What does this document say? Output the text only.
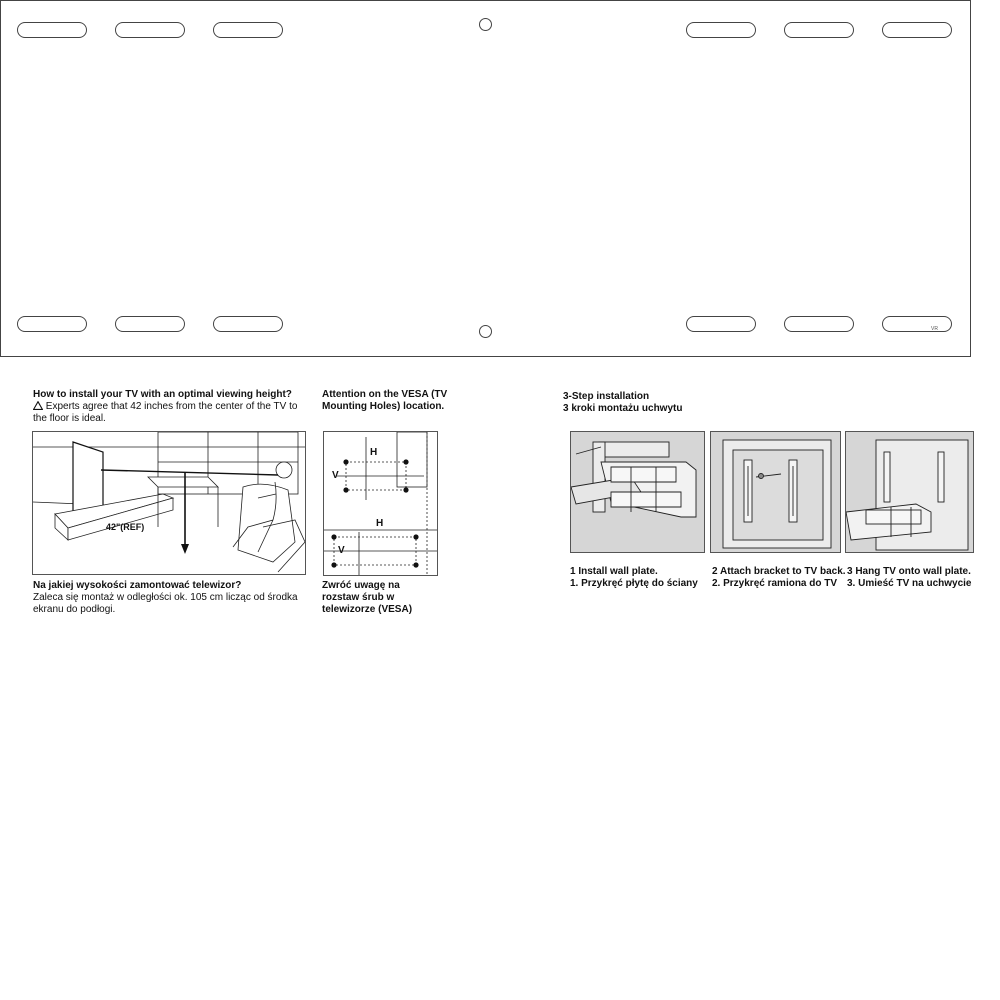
VR
How to install your TV with an optimal viewing height?
Experts agree that 42 inches from the center of the TV to
the floor is ideal.
42"(REF)
Na jakiej wysokości zamontować telewizor?
Zaleca się montaż w odległości ok. 105 cm licząc od środka
ekranu do podłogi.
Attention on the VESA (TV
Mounting Holes) location.
H
V
H
V
Zwróć uwagę na
rozstaw śrub w
telewizorze (VESA)
3-Step installation
3 kroki montażu uchwytu
1 Install wall plate.
1. Przykręć płytę do ściany
2 Attach bracket to TV back.
2. Przykręć ramiona do TV
3 Hang TV onto wall plate.
3. Umieść TV na uchwycie
